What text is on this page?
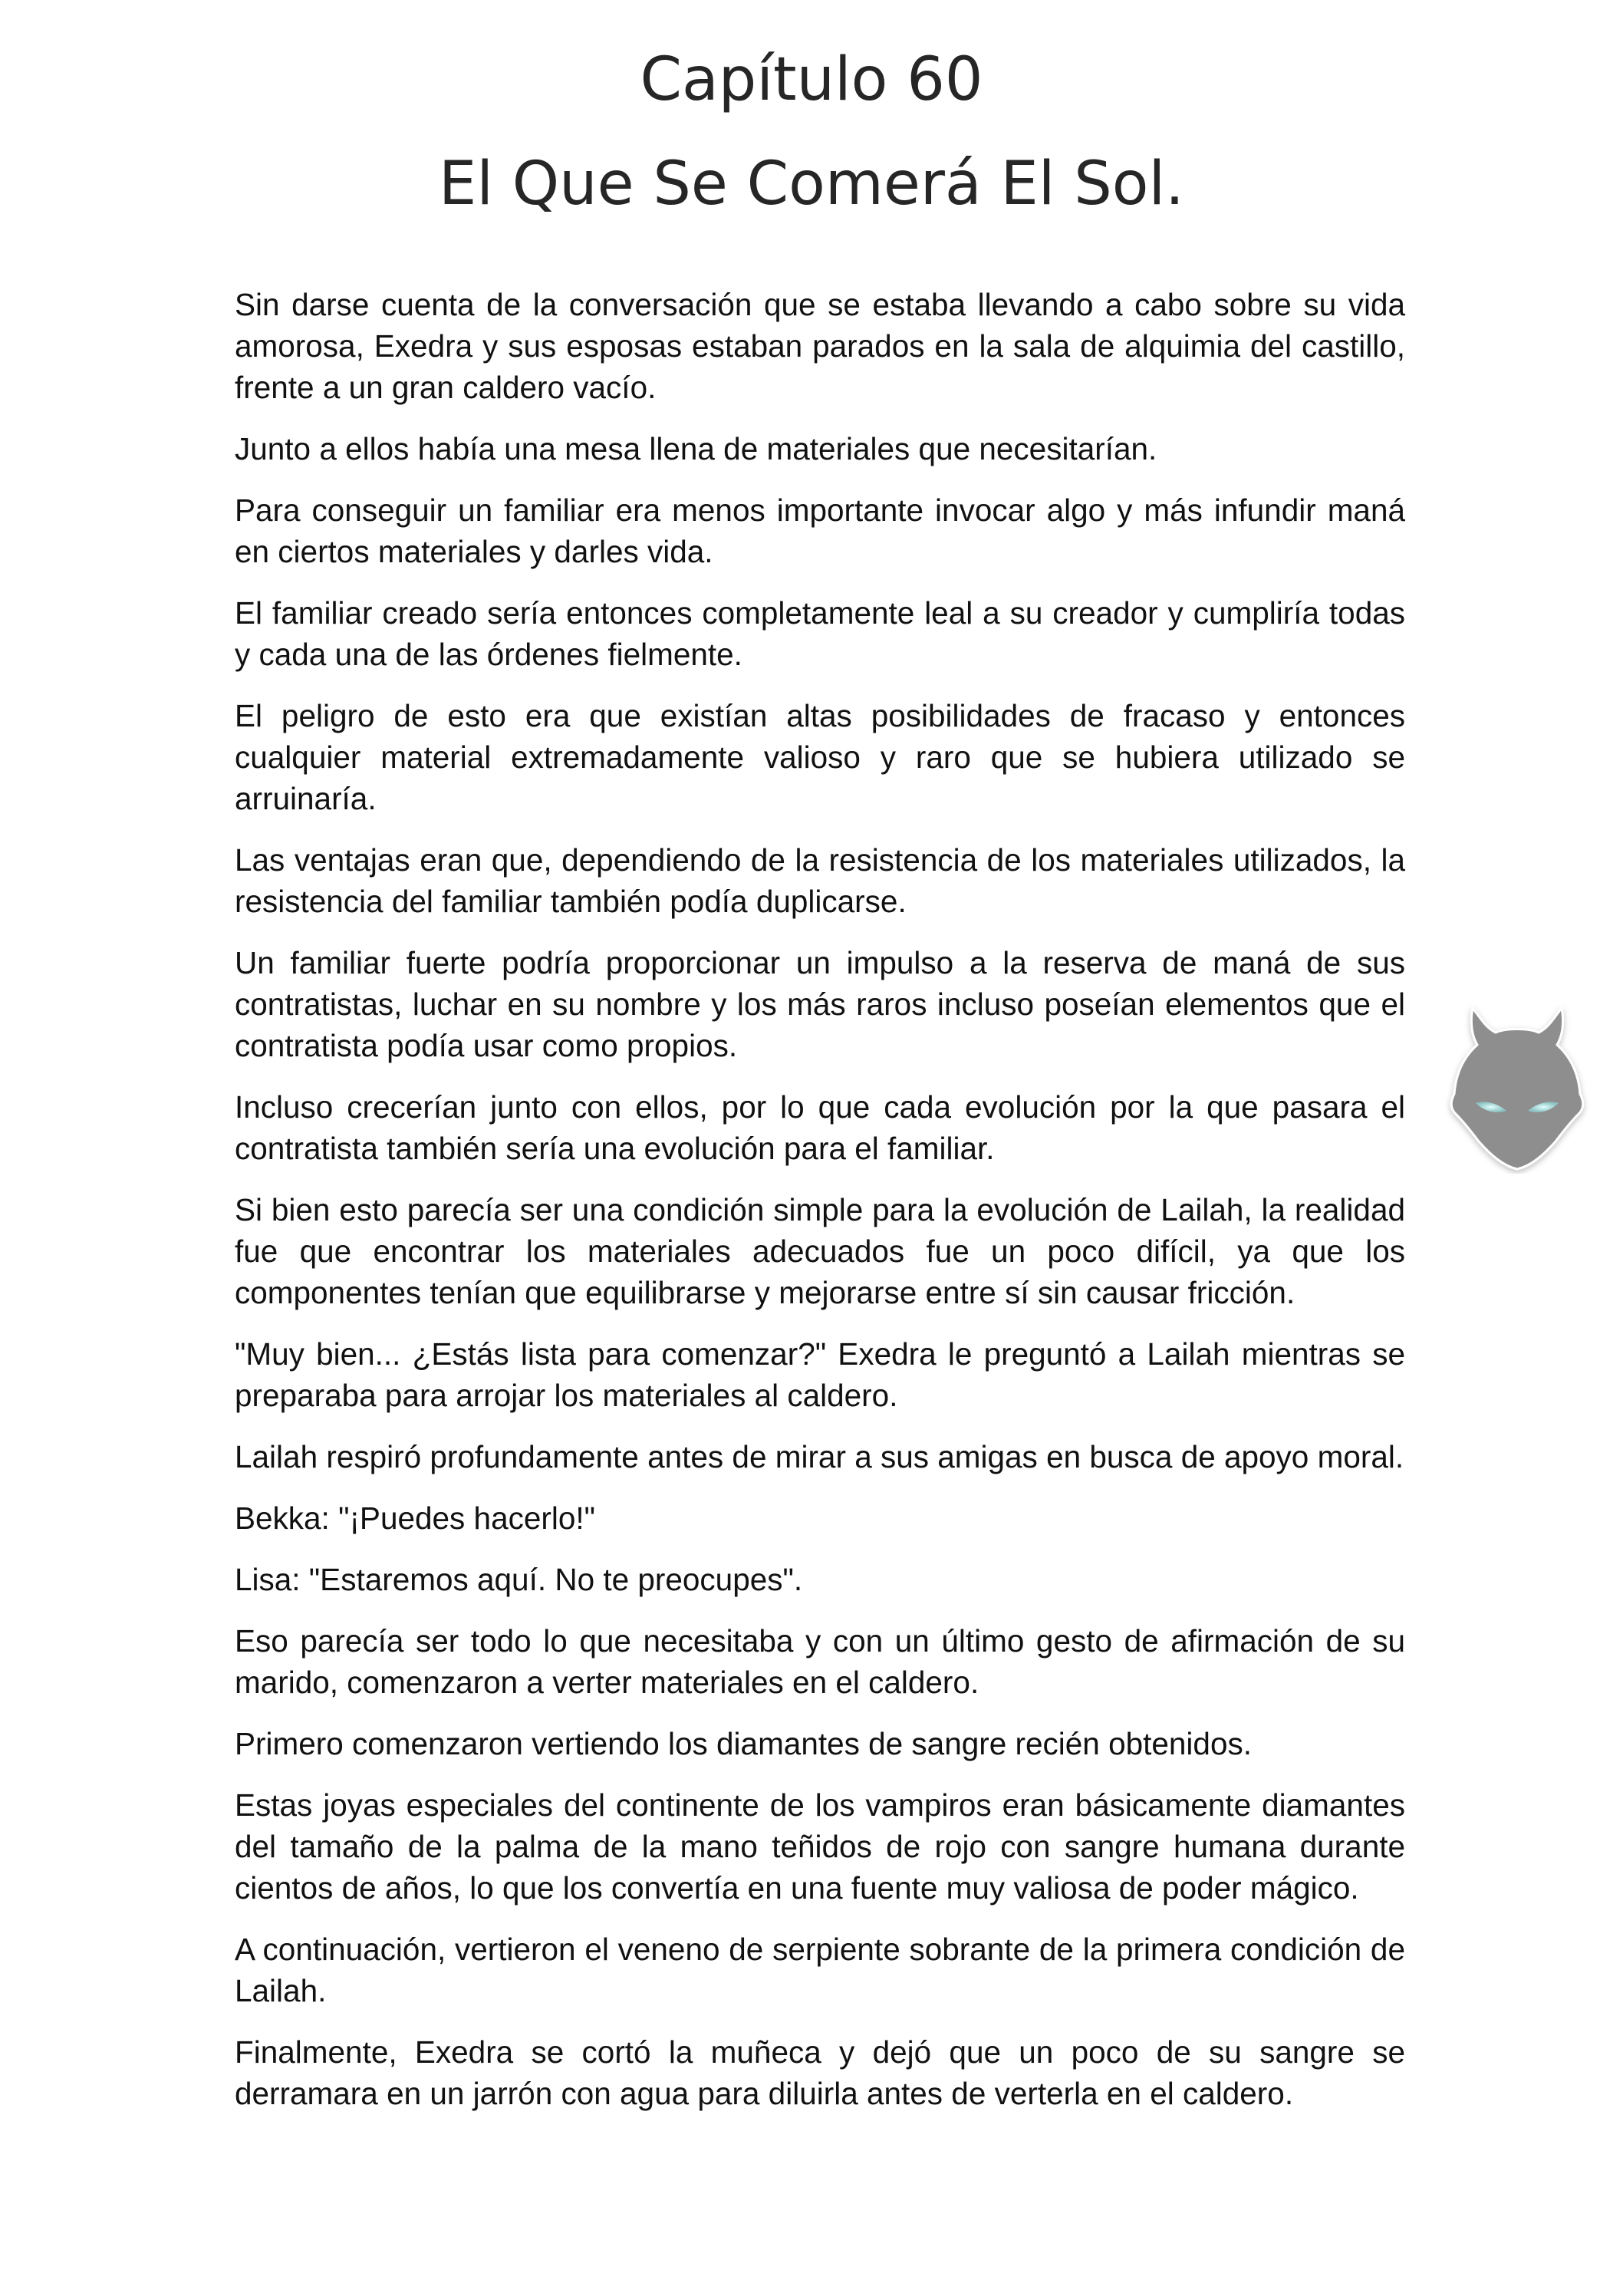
Capítulo 60
El Que Se Comerá El Sol.

Sin darse cuenta de la conversación que se estaba llevando a cabo sobre su vida amorosa, Exedra y sus esposas estaban parados en la sala de alquimia del castillo, frente a un gran caldero vacío.

Junto a ellos había una mesa llena de materiales que necesitarían.

Para conseguir un familiar era menos importante invocar algo y más infundir maná en ciertos materiales y darles vida.

El familiar creado sería entonces completamente leal a su creador y cumpliría todas y cada una de las órdenes fielmente.

El peligro de esto era que existían altas posibilidades de fracaso y entonces cualquier material extremadamente valioso y raro que se hubiera utilizado se arruinaría.

Las ventajas eran que, dependiendo de la resistencia de los materiales utilizados, la resistencia del familiar también podía duplicarse.

Un familiar fuerte podría proporcionar un impulso a la reserva de maná de sus contratistas, luchar en su nombre y los más raros incluso poseían elementos que el contratista podía usar como propios.

Incluso crecerían junto con ellos, por lo que cada evolución por la que pasara el contratista también sería una evolución para el familiar.

Si bien esto parecía ser una condición simple para la evolución de Lailah, la realidad fue que encontrar los materiales adecuados fue un poco difícil, ya que los componentes tenían que equilibrarse y mejorarse entre sí sin causar fricción.

"Muy bien... ¿Estás lista para comenzar?" Exedra le preguntó a Lailah mientras se preparaba para arrojar los materiales al caldero.

Lailah respiró profundamente antes de mirar a sus amigas en busca de apoyo moral.

Bekka: "¡Puedes hacerlo!"

Lisa: "Estaremos aquí. No te preocupes".

Eso parecía ser todo lo que necesitaba y con un último gesto de afirmación de su marido, comenzaron a verter materiales en el caldero.

Primero comenzaron vertiendo los diamantes de sangre recién obtenidos.

Estas joyas especiales del continente de los vampiros eran básicamente diamantes del tamaño de la palma de la mano teñidos de rojo con sangre humana durante cientos de años, lo que los convertía en una fuente muy valiosa de poder mágico.

A continuación, vertieron el veneno de serpiente sobrante de la primera condición de Lailah.

Finalmente, Exedra se cortó la muñeca y dejó que un poco de su sangre se derramara en un jarrón con agua para diluirla antes de verterla en el caldero.
